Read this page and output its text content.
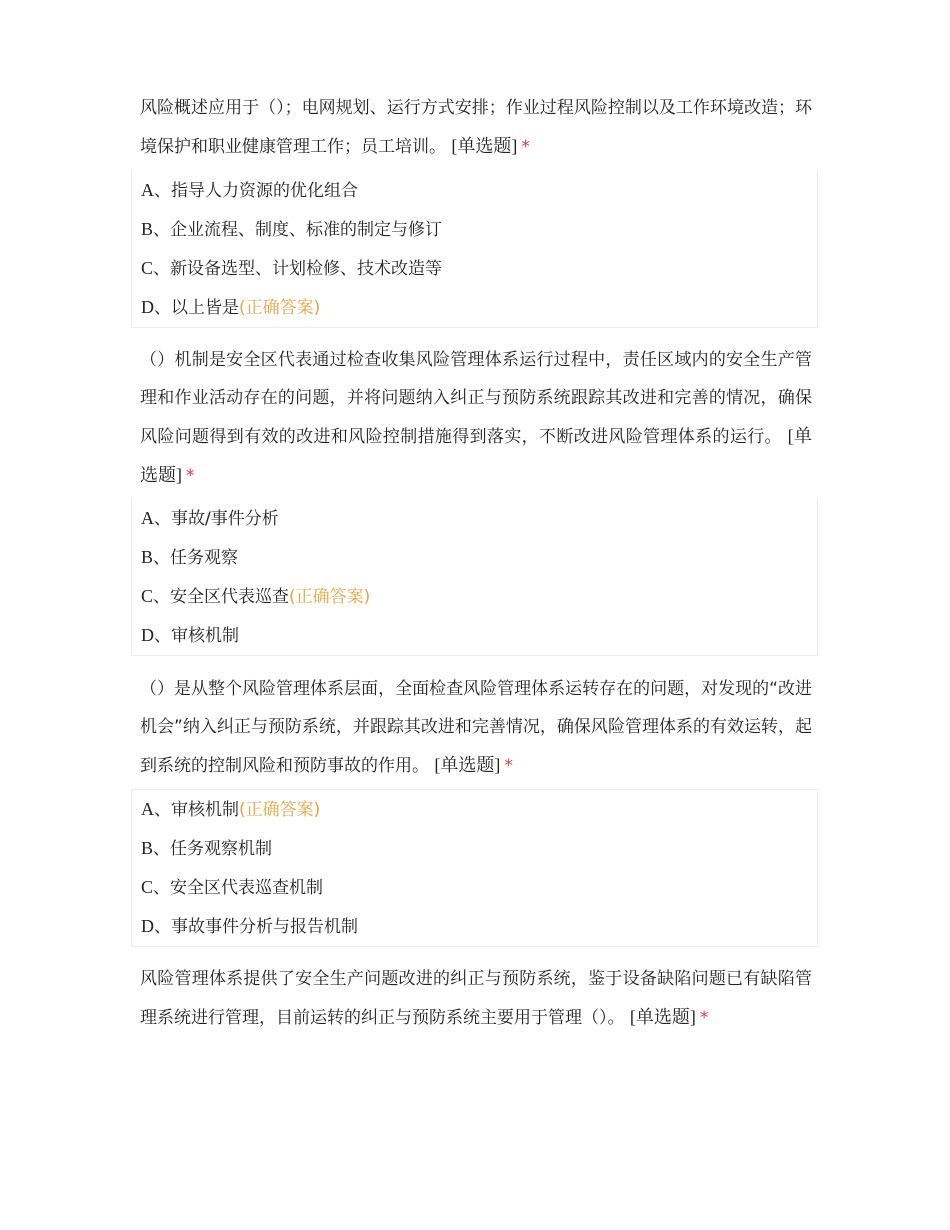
风险概述应用于（）；电网规划、运行方式安排；作业过程风险控制以及工作环境改造；环境保护和职业健康管理工作；员工培训。 [单选题] *
A、指导人力资源的优化组合
B、企业流程、制度、标准的制定与修订
C、新设备选型、计划检修、技术改造等
D、以上皆是(正确答案)
（）机制是安全区代表通过检查收集风险管理体系运行过程中，责任区域内的安全生产管理和作业活动存在的问题，并将问题纳入纠正与预防系统跟踪其改进和完善的情况，确保风险问题得到有效的改进和风险控制措施得到落实，不断改进风险管理体系的运行。 [单选题] *
A、事故/事件分析
B、任务观察
C、安全区代表巡查(正确答案)
D、审核机制
（）是从整个风险管理体系层面，全面检查风险管理体系运转存在的问题，对发现的“改进机会”纳入纠正与预防系统，并跟踪其改进和完善情况，确保风险管理体系的有效运转，起到系统的控制风险和预防事故的作用。 [单选题] *
A、审核机制(正确答案)
B、任务观察机制
C、安全区代表巡查机制
D、事故事件分析与报告机制
风险管理体系提供了安全生产问题改进的纠正与预防系统，鉴于设备缺陷问题已有缺陷管理系统进行管理，目前运转的纠正与预防系统主要用于管理（）。 [单选题] *
